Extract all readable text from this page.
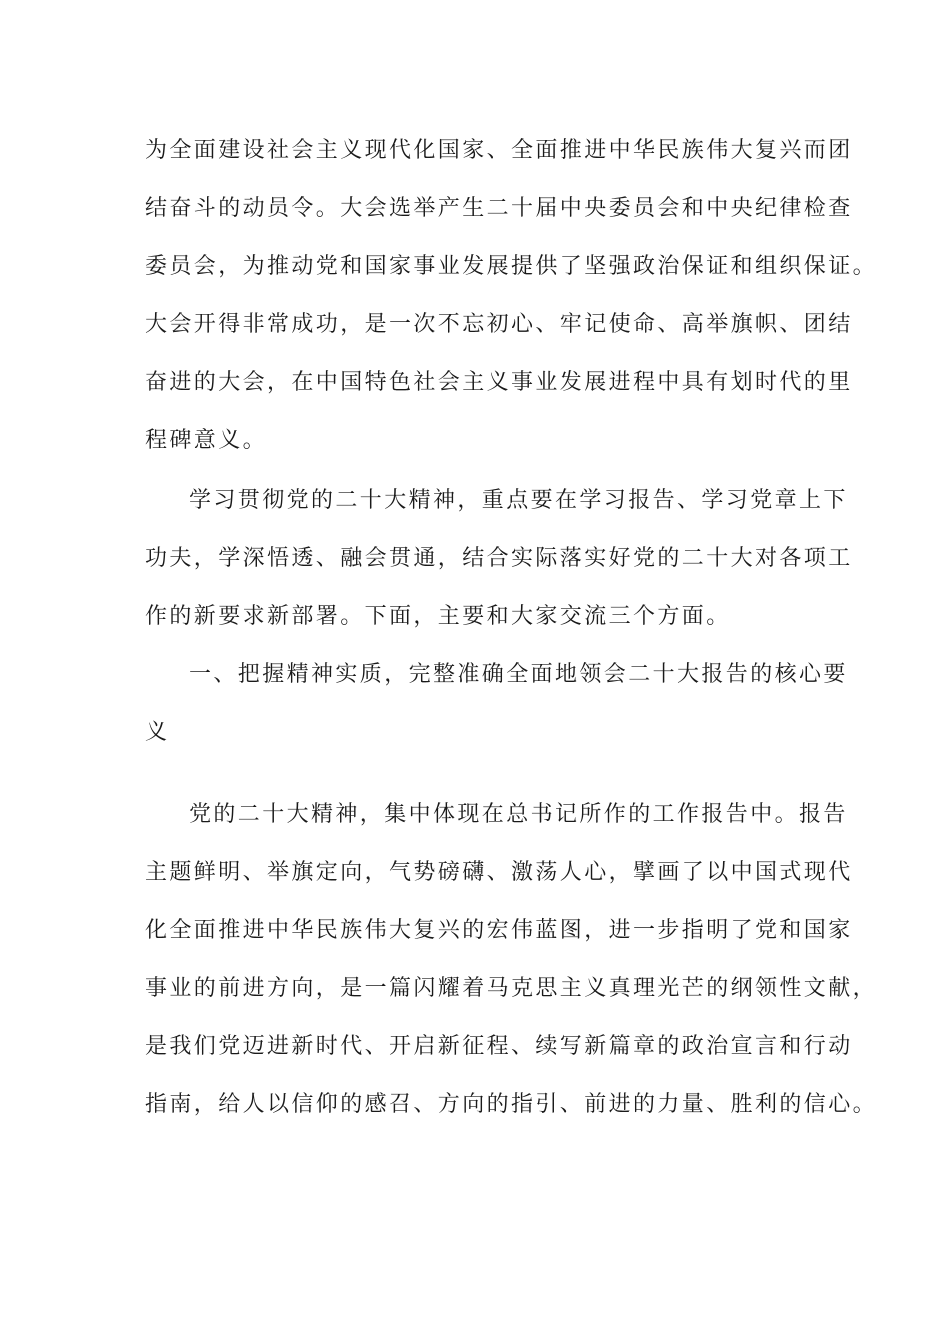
为全面建设社会主义现代化国家、全面推进中华民族伟大复兴而团
结奋斗的动员令。大会选举产生二十届中央委员会和中央纪律检查
委员会，为推动党和国家事业发展提供了坚强政治保证和组织保证。
大会开得非常成功，是一次不忘初心、牢记使命、高举旗帜、团结
奋进的大会，在中国特色社会主义事业发展进程中具有划时代的里
程碑意义。
学习贯彻党的二十大精神，重点要在学习报告、学习党章上下
功夫，学深悟透、融会贯通，结合实际落实好党的二十大对各项工
作的新要求新部署。下面，主要和大家交流三个方面。
一、把握精神实质，完整准确全面地领会二十大报告的核心要
义
党的二十大精神，集中体现在总书记所作的工作报告中。报告
主题鲜明、举旗定向，气势磅礴、激荡人心，擘画了以中国式现代
化全面推进中华民族伟大复兴的宏伟蓝图，进一步指明了党和国家
事业的前进方向，是一篇闪耀着马克思主义真理光芒的纲领性文献，
是我们党迈进新时代、开启新征程、续写新篇章的政治宣言和行动
指南，给人以信仰的感召、方向的指引、前进的力量、胜利的信心。
